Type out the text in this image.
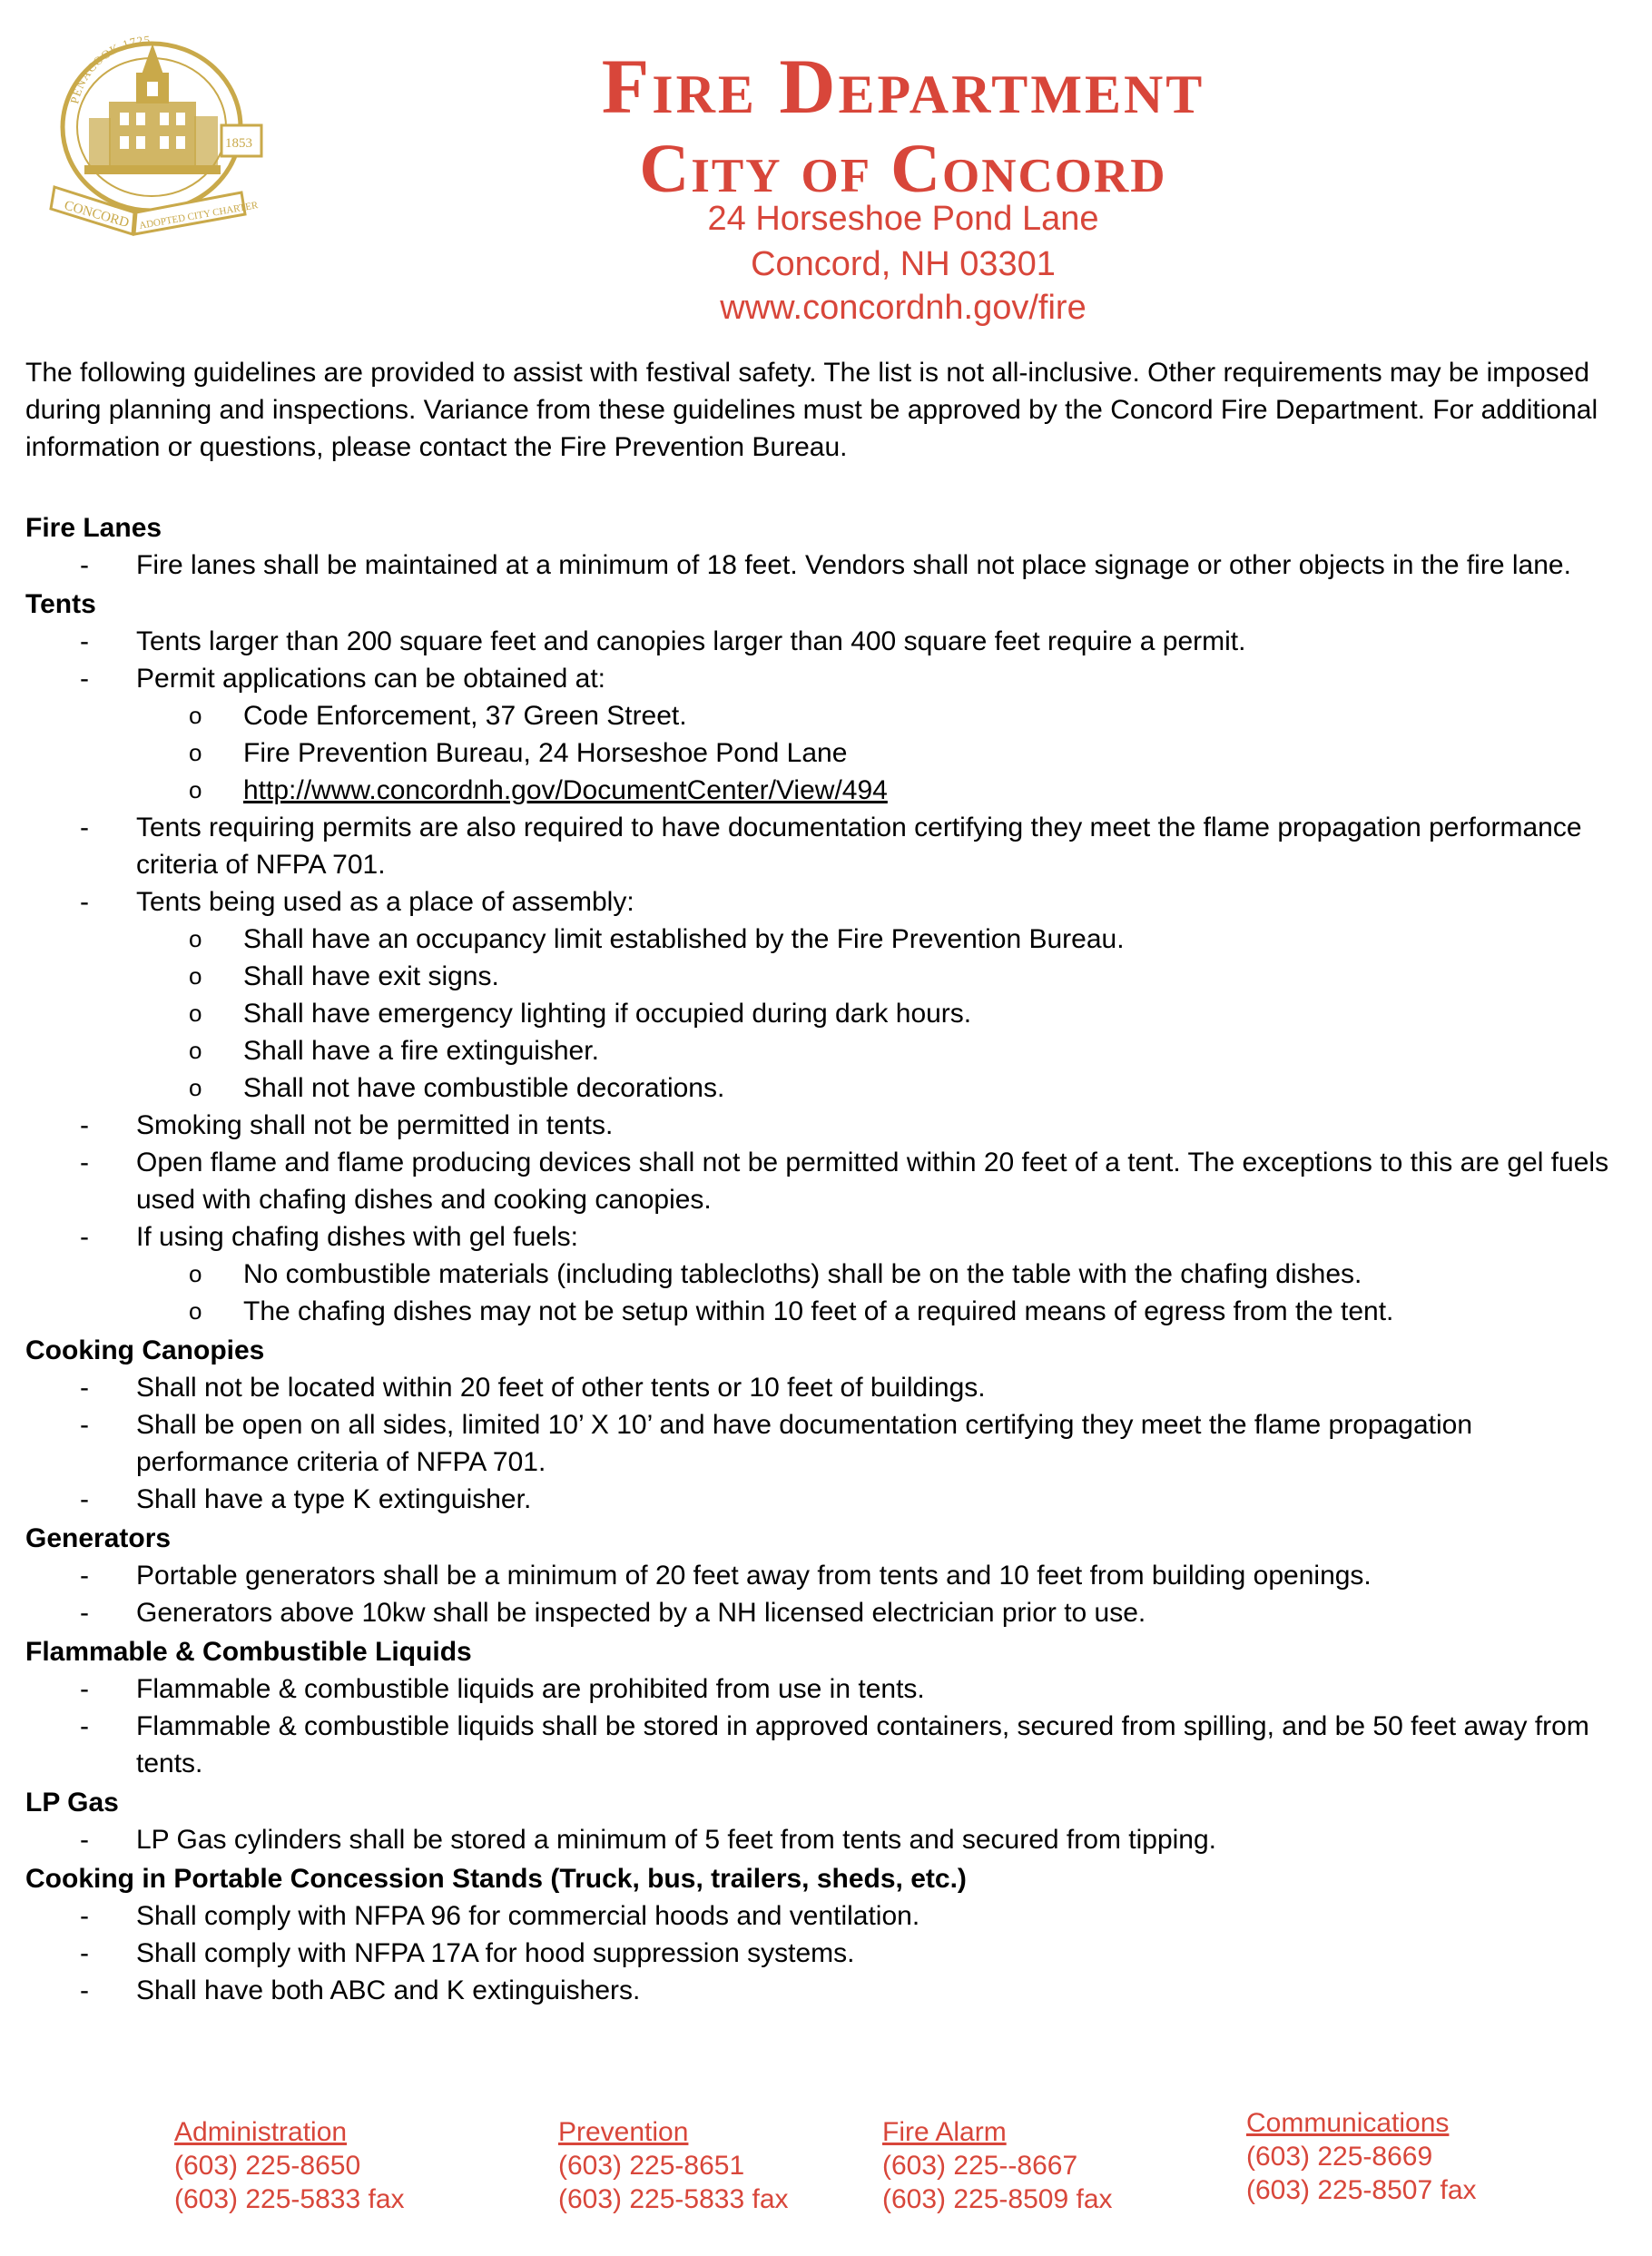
PENACOOK 1725
CONCORD
1853
ADOPTED CITY CHARTER
Fire Department
City of Concord
24 Horseshoe Pond Lane
Concord, NH 03301
www.concordnh.gov/fire

The following guidelines are provided to assist with festival safety. The list is not all-inclusive. Other requirements may be imposed during planning and inspections. Variance from these guidelines must be approved by the Concord Fire Department. For additional information or questions, please contact the Fire Prevention Bureau.

Fire Lanes
- Fire lanes shall be maintained at a minimum of 18 feet. Vendors shall not place signage or other objects in the fire lane.
Tents
- Tents larger than 200 square feet and canopies larger than 400 square feet require a permit.
- Permit applications can be obtained at:
o Code Enforcement, 37 Green Street.
o Fire Prevention Bureau, 24 Horseshoe Pond Lane
o http://www.concordnh.gov/DocumentCenter/View/494
- Tents requiring permits are also required to have documentation certifying they meet the flame propagation performance criteria of NFPA 701.
- Tents being used as a place of assembly:
o Shall have an occupancy limit established by the Fire Prevention Bureau.
o Shall have exit signs.
o Shall have emergency lighting if occupied during dark hours.
o Shall have a fire extinguisher.
o Shall not have combustible decorations.
- Smoking shall not be permitted in tents.
- Open flame and flame producing devices shall not be permitted within 20 feet of a tent. The exceptions to this are gel fuels used with chafing dishes and cooking canopies.
- If using chafing dishes with gel fuels:
o No combustible materials (including tablecloths) shall be on the table with the chafing dishes.
o The chafing dishes may not be setup within 10 feet of a required means of egress from the tent.
Cooking Canopies
- Shall not be located within 20 feet of other tents or 10 feet of buildings.
- Shall be open on all sides, limited 10’ X 10’ and have documentation certifying they meet the flame propagation performance criteria of NFPA 701.
- Shall have a type K extinguisher.
Generators
- Portable generators shall be a minimum of 20 feet away from tents and 10 feet from building openings.
- Generators above 10kw shall be inspected by a NH licensed electrician prior to use.
Flammable & Combustible Liquids
- Flammable & combustible liquids are prohibited from use in tents.
- Flammable & combustible liquids shall be stored in approved containers, secured from spilling, and be 50 feet away from tents.
LP Gas
- LP Gas cylinders shall be stored a minimum of 5 feet from tents and secured from tipping.
Cooking in Portable Concession Stands (Truck, bus, trailers, sheds, etc.)
- Shall comply with NFPA 96 for commercial hoods and ventilation.
- Shall comply with NFPA 17A for hood suppression systems.
- Shall have both ABC and K extinguishers.
Administration
(603) 225-8650
(603) 225-5833 fax
Prevention
(603) 225-8651
(603) 225-5833 fax
Fire Alarm
(603) 225--8667
(603) 225-8509 fax
Communications
(603) 225-8669
(603) 225-8507 fax
